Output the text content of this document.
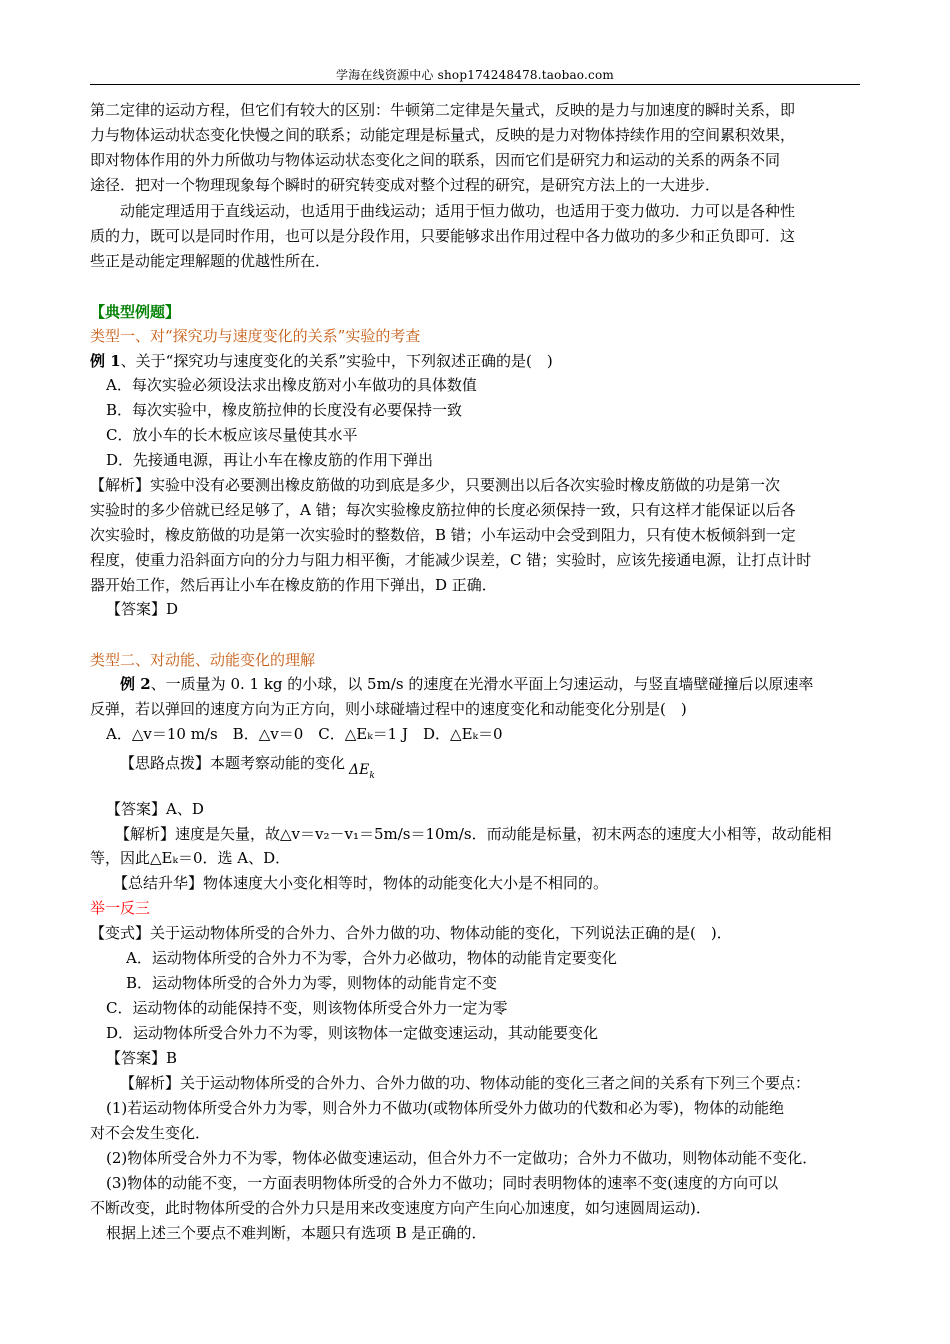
学海在线资源中心 shop174248478.taobao.com
第二定律的运动方程，但它们有较大的区别：牛顿第二定律是矢量式，反映的是力与加速度的瞬时关系，即
力与物体运动状态变化快慢之间的联系；动能定理是标量式，反映的是力对物体持续作用的空间累积效果，
即对物体作用的外力所做功与物体运动状态变化之间的联系，因而它们是研究力和运动的关系的两条不同
途径．把对一个物理现象每个瞬时的研究转变成对整个过程的研究，是研究方法上的一大进步．
动能定理适用于直线运动，也适用于曲线运动；适用于恒力做功，也适用于变力做功．力可以是各种性
质的力，既可以是同时作用，也可以是分段作用，只要能够求出作用过程中各力做功的多少和正负即可．这
些正是动能定理解题的优越性所在．
【典型例题】
类型一、对“探究功与速度变化的关系”实验的考查
例 1、关于“探究功与速度变化的关系”实验中，下列叙述正确的是(　)
A．每次实验必须设法求出橡皮筋对小车做功的具体数值
B．每次实验中，橡皮筋拉伸的长度没有必要保持一致
C．放小车的长木板应该尽量使其水平
D．先接通电源，再让小车在橡皮筋的作用下弹出
【解析】实验中没有必要测出橡皮筋做的功到底是多少，只要测出以后各次实验时橡皮筋做的功是第一次
实验时的多少倍就已经足够了，A 错；每次实验橡皮筋拉伸的长度必须保持一致，只有这样才能保证以后各
次实验时，橡皮筋做的功是第一次实验时的整数倍，B 错；小车运动中会受到阻力，只有使木板倾斜到一定
程度，使重力沿斜面方向的分力与阻力相平衡，才能减少误差，C 错；实验时，应该先接通电源，让打点计时
器开始工作，然后再让小车在橡皮筋的作用下弹出，D 正确．
【答案】D
类型二、对动能、动能变化的理解
例 2、一质量为 0. 1 kg 的小球，以 5m/s 的速度在光滑水平面上匀速运动，与竖直墙壁碰撞后以原速率
反弹，若以弹回的速度方向为正方向，则小球碰墙过程中的速度变化和动能变化分别是(　)
A．△v＝10 m/s　B．△v＝0　C．△Eₖ＝1 J　D．△Eₖ＝0
【思路点拨】本题考察动能的变化 $\Delta E_k$
【答案】A、D
【解析】速度是矢量，故△v＝v₂－v₁＝5m/s＝10m/s．而动能是标量，初末两态的速度大小相等，故动能相
等，因此△Eₖ＝0．选 A、D．
【总结升华】物体速度大小变化相等时，物体的动能变化大小是不相同的。
举一反三
【变式】关于运动物体所受的合外力、合外力做的功、物体动能的变化，下列说法正确的是(　)．
A．运动物体所受的合外力不为零，合外力必做功，物体的动能肯定要变化
B．运动物体所受的合外力为零，则物体的动能肯定不变
C．运动物体的动能保持不变，则该物体所受合外力一定为零
D．运动物体所受合外力不为零，则该物体一定做变速运动，其动能要变化
【答案】B
【解析】关于运动物体所受的合外力、合外力做的功、物体动能的变化三者之间的关系有下列三个要点：
(1)若运动物体所受合外力为零，则合外力不做功(或物体所受外力做功的代数和必为零)，物体的动能绝
对不会发生变化．
(2)物体所受合外力不为零，物体必做变速运动，但合外力不一定做功；合外力不做功，则物体动能不变化．
(3)物体的动能不变，一方面表明物体所受的合外力不做功；同时表明物体的速率不变(速度的方向可以
不断改变，此时物体所受的合外力只是用来改变速度方向产生向心加速度，如匀速圆周运动)．
根据上述三个要点不难判断，本题只有选项 B 是正确的．
